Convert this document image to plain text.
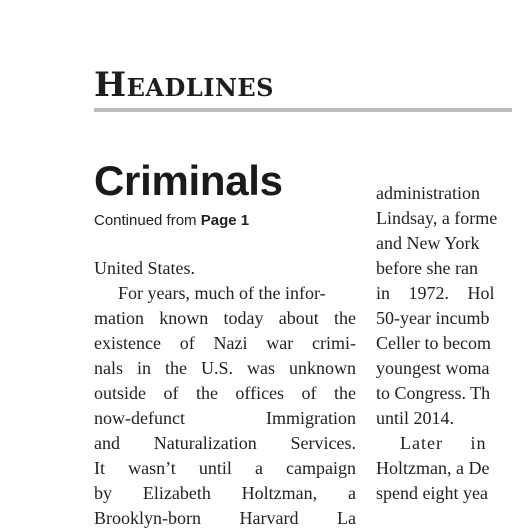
Headlines
Criminals
Continued from Page 1
United States.
For years, much of the infor-
mation known today about the
existence of Nazi war crimi-
nals in the U.S. was unknown
outside of the offices of the
now-defunct Immigration
and Naturalization Services.
It wasn’t until a campaign
by Elizabeth Holtzman, a
Brooklyn-born Harvard La
administration
Lindsay, a forme
and New York
before she ran
in 1972. Hol
50-year incumb
Celler to becom
youngest woma
to Congress. Th
until 2014.
Later in
Holtzman, a De
spend eight yea
